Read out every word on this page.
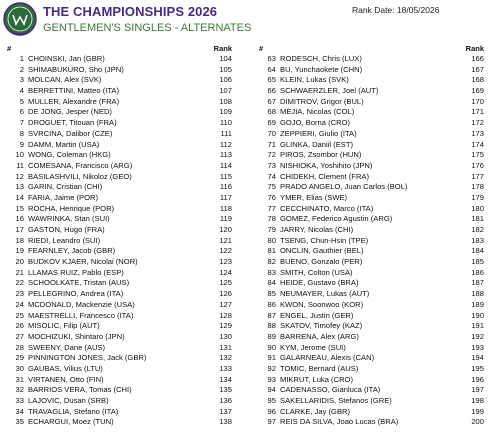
THE CHAMPIONSHIPS 2026
GENTLEMEN'S SINGLES - ALTERNATES
Rank Date: 18/05/2026
#	Rank
1 CHOINSKI, Jan (GBR)	104
2 SHIMABUKURO, Sho (JPN)	105
3 MOLCAN, Alex (SVK)	106
4 BERRETTINI, Matteo (ITA)	107
5 MULLER, Alexandre (FRA)	108
6 DE JONG, Jesper (NED)	109
7 DROGUET, Titouan (FRA)	110
8 SVRCINA, Dalibor (CZE)	111
9 DAMM, Martin (USA)	112
10 WONG, Coleman (HKG)	113
11 COMESANA, Francisco (ARG)	114
12 BASILASHVILI, Nikoloz (GEO)	115
13 GARIN, Cristian (CHI)	116
14 FARIA, Jaime (POR)	117
15 ROCHA, Henrique (POR)	118
16 WAWRINKA, Stan (SUI)	119
17 GASTON, Hugo (FRA)	120
18 RIEDI, Leandro (SUI)	121
19 FEARNLEY, Jacob (GBR)	122
20 BUDKOV KJAER, Nicolai (NOR)	123
21 LLAMAS RUIZ, Pablo (ESP)	124
22 SCHOOLKATE, Tristan (AUS)	125
23 PELLEGRINO, Andrea (ITA)	126
24 MCDONALD, Mackenzie (USA)	127
25 MAESTRELLI, Francesco (ITA)	128
26 MISOLIC, Filip (AUT)	129
27 MOCHIZUKI, Shintaro (JPN)	130
28 SWEENY, Dane (AUS)	131
29 PINNINGTON JONES, Jack (GBR)	132
30 GAUBAS, Vilius (LTU)	133
31 VIRTANEN, Otto (FIN)	134
32 BARRIOS VERA, Tomas (CHI)	135
33 LAJOVIC, Dusan (SRB)	136
34 TRAVAGLIA, Stefano (ITA)	137
35 ECHARGUI, Moez (TUN)	138
#	Rank
63 RODESCH, Chris (LUX)	166
64 BU, Yunchaokete (CHN)	167
65 KLEIN, Lukas (SVK)	168
66 SCHWAERZLER, Joel (AUT)	169
67 DIMITROV, Grigor (BUL)	170
68 MEJIA, Nicolas (COL)	171
69 GOJO, Borna (CRO)	172
70 ZEPPIERI, Giulio (ITA)	173
71 GLINKA, Daniil (EST)	174
72 PIROS, Zsombor (HUN)	175
73 NISHIOKA, Yoshihito (JPN)	176
74 CHIDEKH, Clement (FRA)	177
75 PRADO ANGELO, Juan Carlos (BOL)	178
76 YMER, Elias (SWE)	179
77 CECCHINATO, Marco (ITA)	180
78 GOMEZ, Federico Agustin (ARG)	181
79 JARRY, Nicolas (CHI)	182
80 TSENG, Chun-Hsin (TPE)	183
81 ONCLIN, Gauthier (BEL)	184
82 BUENO, Gonzalo (PER)	185
83 SMITH, Colton (USA)	186
84 HEIDE, Gustavo (BRA)	187
85 NEUMAYER, Lukas (AUT)	188
86 KWON, Soonwoo (KOR)	189
87 ENGEL, Justin (GER)	190
88 SKATOV, Timofey (KAZ)	191
89 BARRENA, Alex (ARG)	192
90 KYM, Jerome (SUI)	193
91 GALARNEAU, Alexis (CAN)	194
92 TOMIC, Bernard (AUS)	195
93 MIKRUT, Luka (CRO)	196
94 CADENASSO, Gianluca (ITA)	197
95 SAKELLARIDIS, Stefanos (GRE)	198
96 CLARKE, Jay (GBR)	199
97 REIS DA SILVA, Joao Lucas (BRA)	200
